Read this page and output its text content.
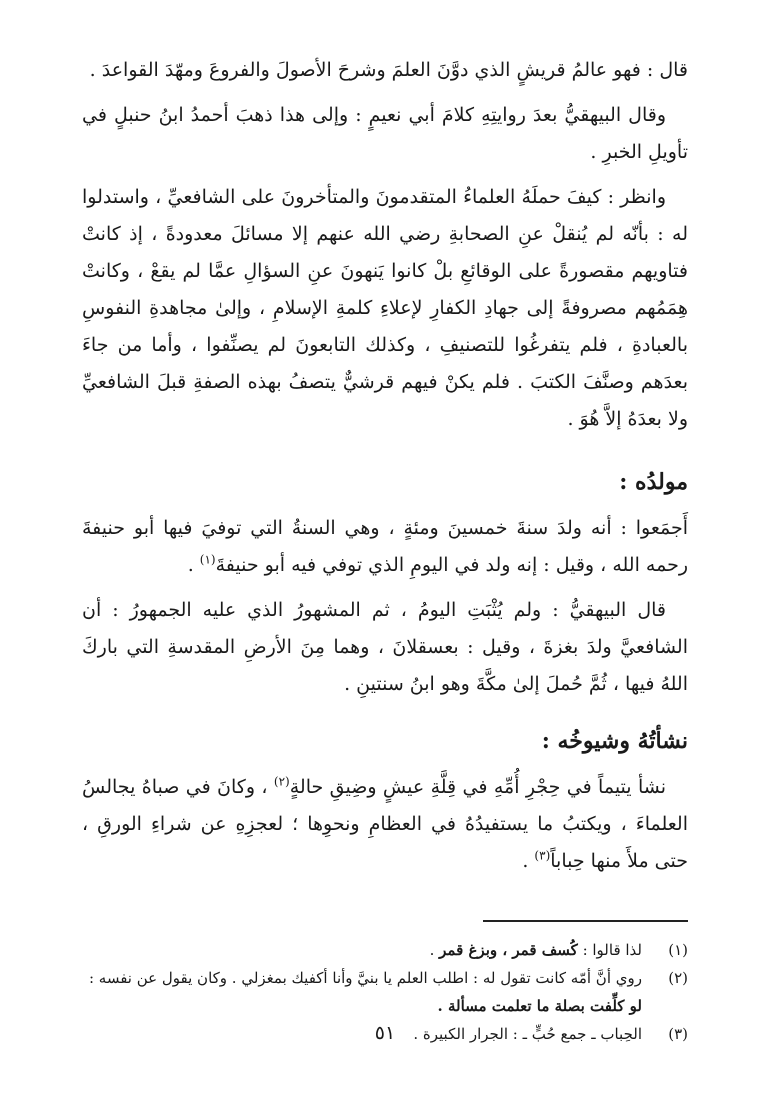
قال : فهو عالمُ قريشٍ الذي دوَّنَ العلمَ وشرحَ الأصولَ والفروعَ ومهّدَ القواعدَ .

وقال البيهقيُّ بعدَ روايتِهِ كلامَ أبي نعيمٍ : وإلى هذا ذهبَ أحمدُ ابنُ حنبلٍ في تأويلِ الخبرِ .

وانظر : كيفَ حملَهُ العلماءُ المتقدمونَ والمتأخرونَ على الشافعيِّ ، واستدلوا له : بأنّه لم يُنقلْ عنِ الصحابةِ رضي الله عنهم إلا مسائلَ معدودةً ، إذ كانتْ فتاويهم مقصورةً على الوقائعِ بلْ كانوا يَنهونَ عنِ السؤالِ عمَّا لم يقعْ ، وكانتْ هِمَمُهم مصروفةً إلى جهادِ الكفارِ لإعلاءِ كلمةِ الإسلامِ ، وإلىٰ مجاهدةِ النفوسِ بالعبادةِ ، فلم يتفرغُوا للتصنيفِ ، وكذلك التابعونَ لم يصنِّفوا ، وأما من جاءَ بعدَهم وصنَّفَ الكتبَ . فلم يكنْ فيهم قرشيٌّ يتصفُ بهذه الصفةِ قبلَ الشافعيِّ ولا بعدَهُ إلاَّ هُوَ .

مولدُه :

أَجمَعوا : أنه ولدَ سنةَ خمسينَ ومئةٍ ، وهي السنةُ التي توفيَ فيها أبو حنيفةَ رحمه الله ، وقيل : إنه ولد في اليومِ الذي توفي فيه أبو حنيفةَ$^{(١)}$ .

قال البيهقيُّ : ولم يُثْبَتِ اليومُ ، ثم المشهورُ الذي عليه الجمهورُ : أن الشافعيَّ ولدَ بغزةَ ، وقيل : بعسقلانَ ، وهما مِنَ الأرضِ المقدسةِ التي باركَ اللهُ فيها ، ثُمَّ حُملَ إلىٰ مكَّةَ وهو ابنُ سنتينِ .

نشأتُهُ وشيوخُه :

نشأ يتيماً في حِجْرِ أُمِّهِ في قِلَّةِ عيشٍ وضِيقِ حالةٍ$^{(٢)}$ ، وكانَ في صباهُ يجالسُ العلماءَ ، ويكتبُ ما يستفيدُهُ في العظامِ ونحوِها ؛ لعجزِهِ عن شراءِ الورقِ ، حتى ملأَ منها حِباباً$^{(٣)}$ .

(١)
لذا قالوا : كُسف قمر ، وبزغ قمر .
(٢)
روي أنَّ أمّه كانت تقول له : اطلب العلم يا بنيَّ وأنا أكفيك بمغزلي . وكان يقول عن نفسه :
لو كلِّفت بصلة ما تعلمت مسألة .
(٣)
الحِباب ـ جمع حُبٍّ ـ : الجرار الكبيرة .
٥١
